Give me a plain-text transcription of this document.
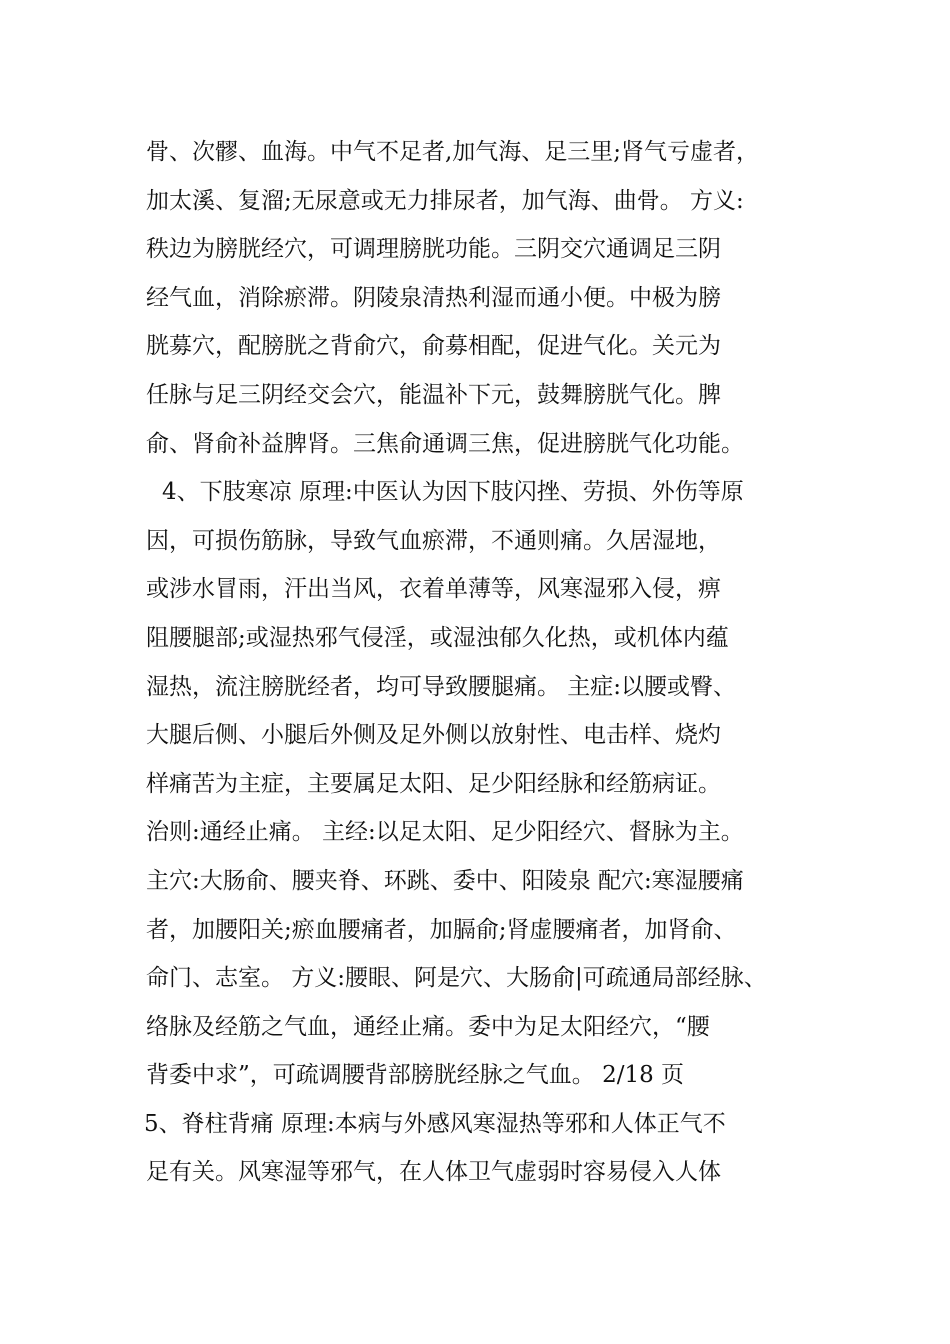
骨、次髎、血海。中气不足者,加气海、足三里;肾气亏虚者，
加太溪、复溜;无尿意或无力排尿者，加气海、曲骨。 方义:
秩边为膀胱经穴，可调理膀胱功能。三阴交穴通调足三阴
经气血，消除瘀滞。阴陵泉清热利湿而通小便。中极为膀
胱募穴，配膀胱之背俞穴，俞募相配，促进气化。关元为
任脉与足三阴经交会穴，能温补下元，鼓舞膀胱气化。脾
俞、肾俞补益脾肾。三焦俞通调三焦，促进膀胱气化功能。
4、下肢寒凉 原理:中医认为因下肢闪挫、劳损、外伤等原
因，可损伤筋脉，导致气血瘀滞，不通则痛。久居湿地，
或涉水冒雨，汗出当风，衣着单薄等，风寒湿邪入侵，痹
阻腰腿部;或湿热邪气侵淫，或湿浊郁久化热，或机体内蕴
湿热，流注膀胱经者，均可导致腰腿痛。 主症:以腰或臀、
大腿后侧、小腿后外侧及足外侧以放射性、电击样、烧灼
样痛苦为主症，主要属足太阳、足少阳经脉和经筋病证。
治则:通经止痛。 主经:以足太阳、足少阳经穴、督脉为主。
主穴:大肠俞、腰夹脊、环跳、委中、阳陵泉 配穴:寒湿腰痛
者，加腰阳关;瘀血腰痛者，加膈俞;肾虚腰痛者，加肾俞、
命门、志室。 方义:腰眼、阿是穴、大肠俞|可疏通局部经脉、
络脉及经筋之气血，通经止痛。委中为足太阳经穴，“腰
背委中求”，可疏调腰背部膀胱经脉之气血。 2/18 页
5、脊柱背痛 原理:本病与外感风寒湿热等邪和人体正气不
足有关。风寒湿等邪气，在人体卫气虚弱时容易侵入人体
